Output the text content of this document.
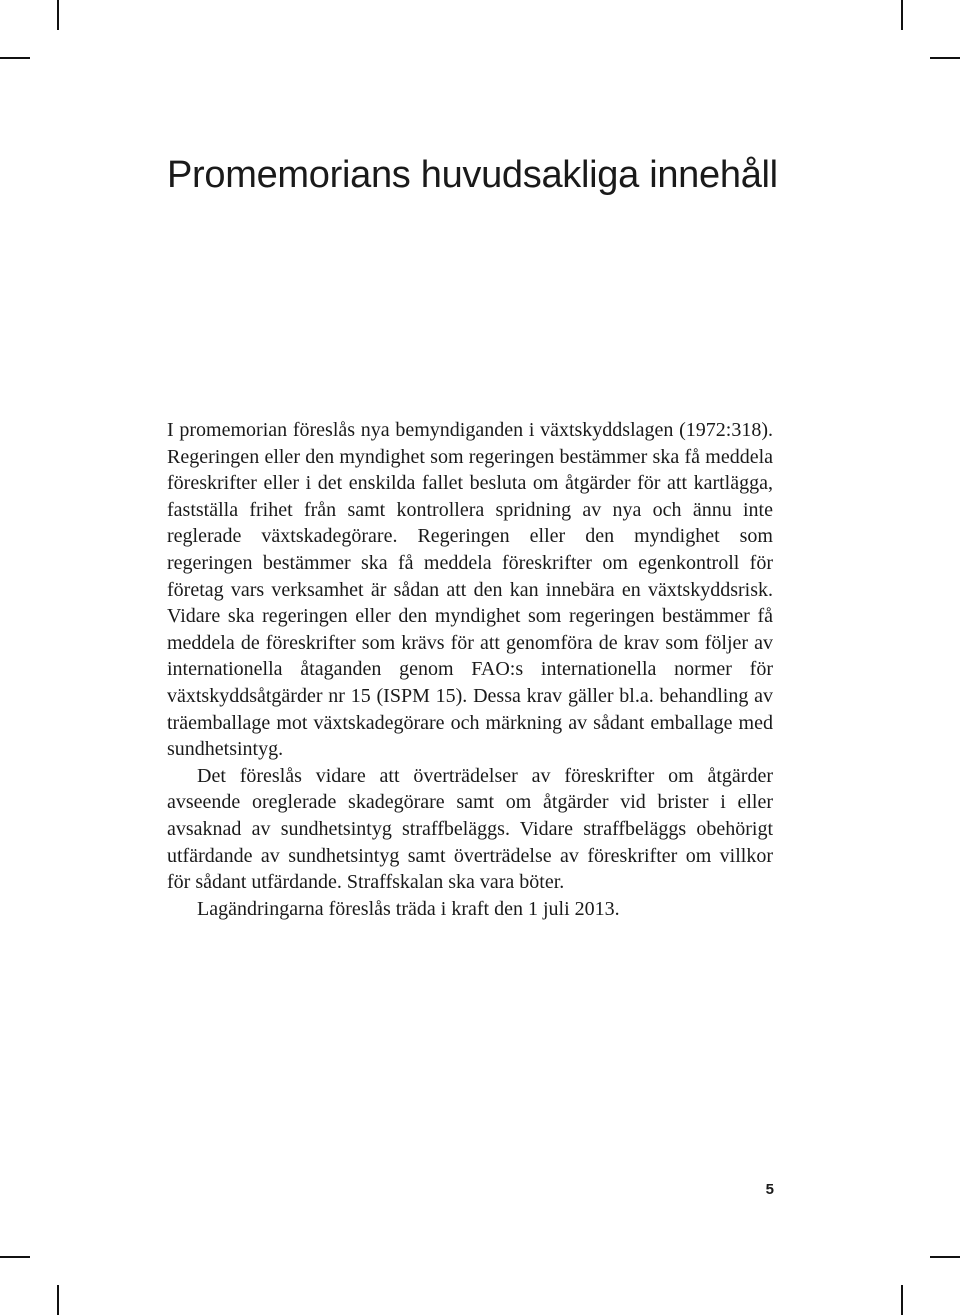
Promemorians huvudsakliga innehåll

I promemorian föreslås nya bemyndiganden i växtskyddslagen (1972:318). Regeringen eller den myndighet som regeringen bestämmer ska få meddela föreskrifter eller i det enskilda fallet besluta om åtgärder för att kartlägga, fastställa frihet från samt kontrollera spridning av nya och ännu inte reglerade växtskadegörare. Regeringen eller den myndighet som regeringen bestämmer ska få meddela föreskrifter om egenkontroll för företag vars verksamhet är sådan att den kan innebära en växtskyddsrisk. Vidare ska regeringen eller den myndighet som regeringen bestämmer få meddela de föreskrifter som krävs för att genomföra de krav som följer av internationella åtaganden genom FAO:s internationella normer för växtskyddsåtgärder nr 15 (ISPM 15). Dessa krav gäller bl.a. behandling av träemballage mot växtskadegörare och märkning av sådant emballage med sundhetsintyg.

Det föreslås vidare att överträdelser av föreskrifter om åtgärder avseende oreglerade skadegörare samt om åtgärder vid brister i eller avsaknad av sundhetsintyg straffbeläggs. Vidare straffbeläggs obehörigt utfärdande av sundhetsintyg samt överträdelse av föreskrifter om villkor för sådant utfärdande. Straffskalan ska vara böter.

Lagändringarna föreslås träda i kraft den 1 juli 2013.

5
